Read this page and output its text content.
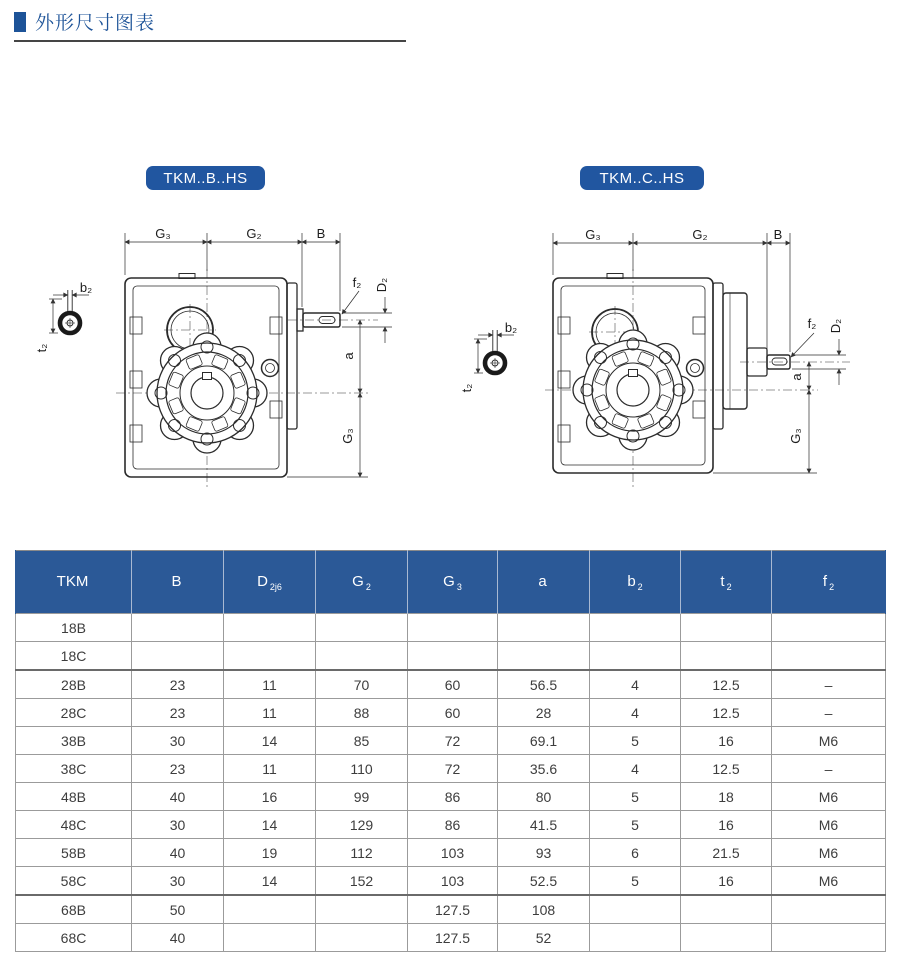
外形尺寸图表
TKM..B..HS	TKM..C..HS
G₃	G₂	B
b₂
t₂
f₂ D₂
a
G₃
G₃	G₂	B
b₂
t₂
f₂ D₂
a
G₃
TKM	B	D $_{2j6}$	G $_2$	G $_3$	a	b $_2$	t $_2$	f $_2$
18B								
18C								
28B	23	11	70	60	56.5	4	12.5	–
28C	23	11	88	60	28	4	12.5	–
38B	30	14	85	72	69.1	5	16	M6
38C	23	11	110	72	35.6	4	12.5	–
48B	40	16	99	86	80	5	18	M6
48C	30	14	129	86	41.5	5	16	M6
58B	40	19	112	103	93	6	21.5	M6
58C	30	14	152	103	52.5	5	16	M6
68B	50			127.5	108			
68C	40			127.5	52			
